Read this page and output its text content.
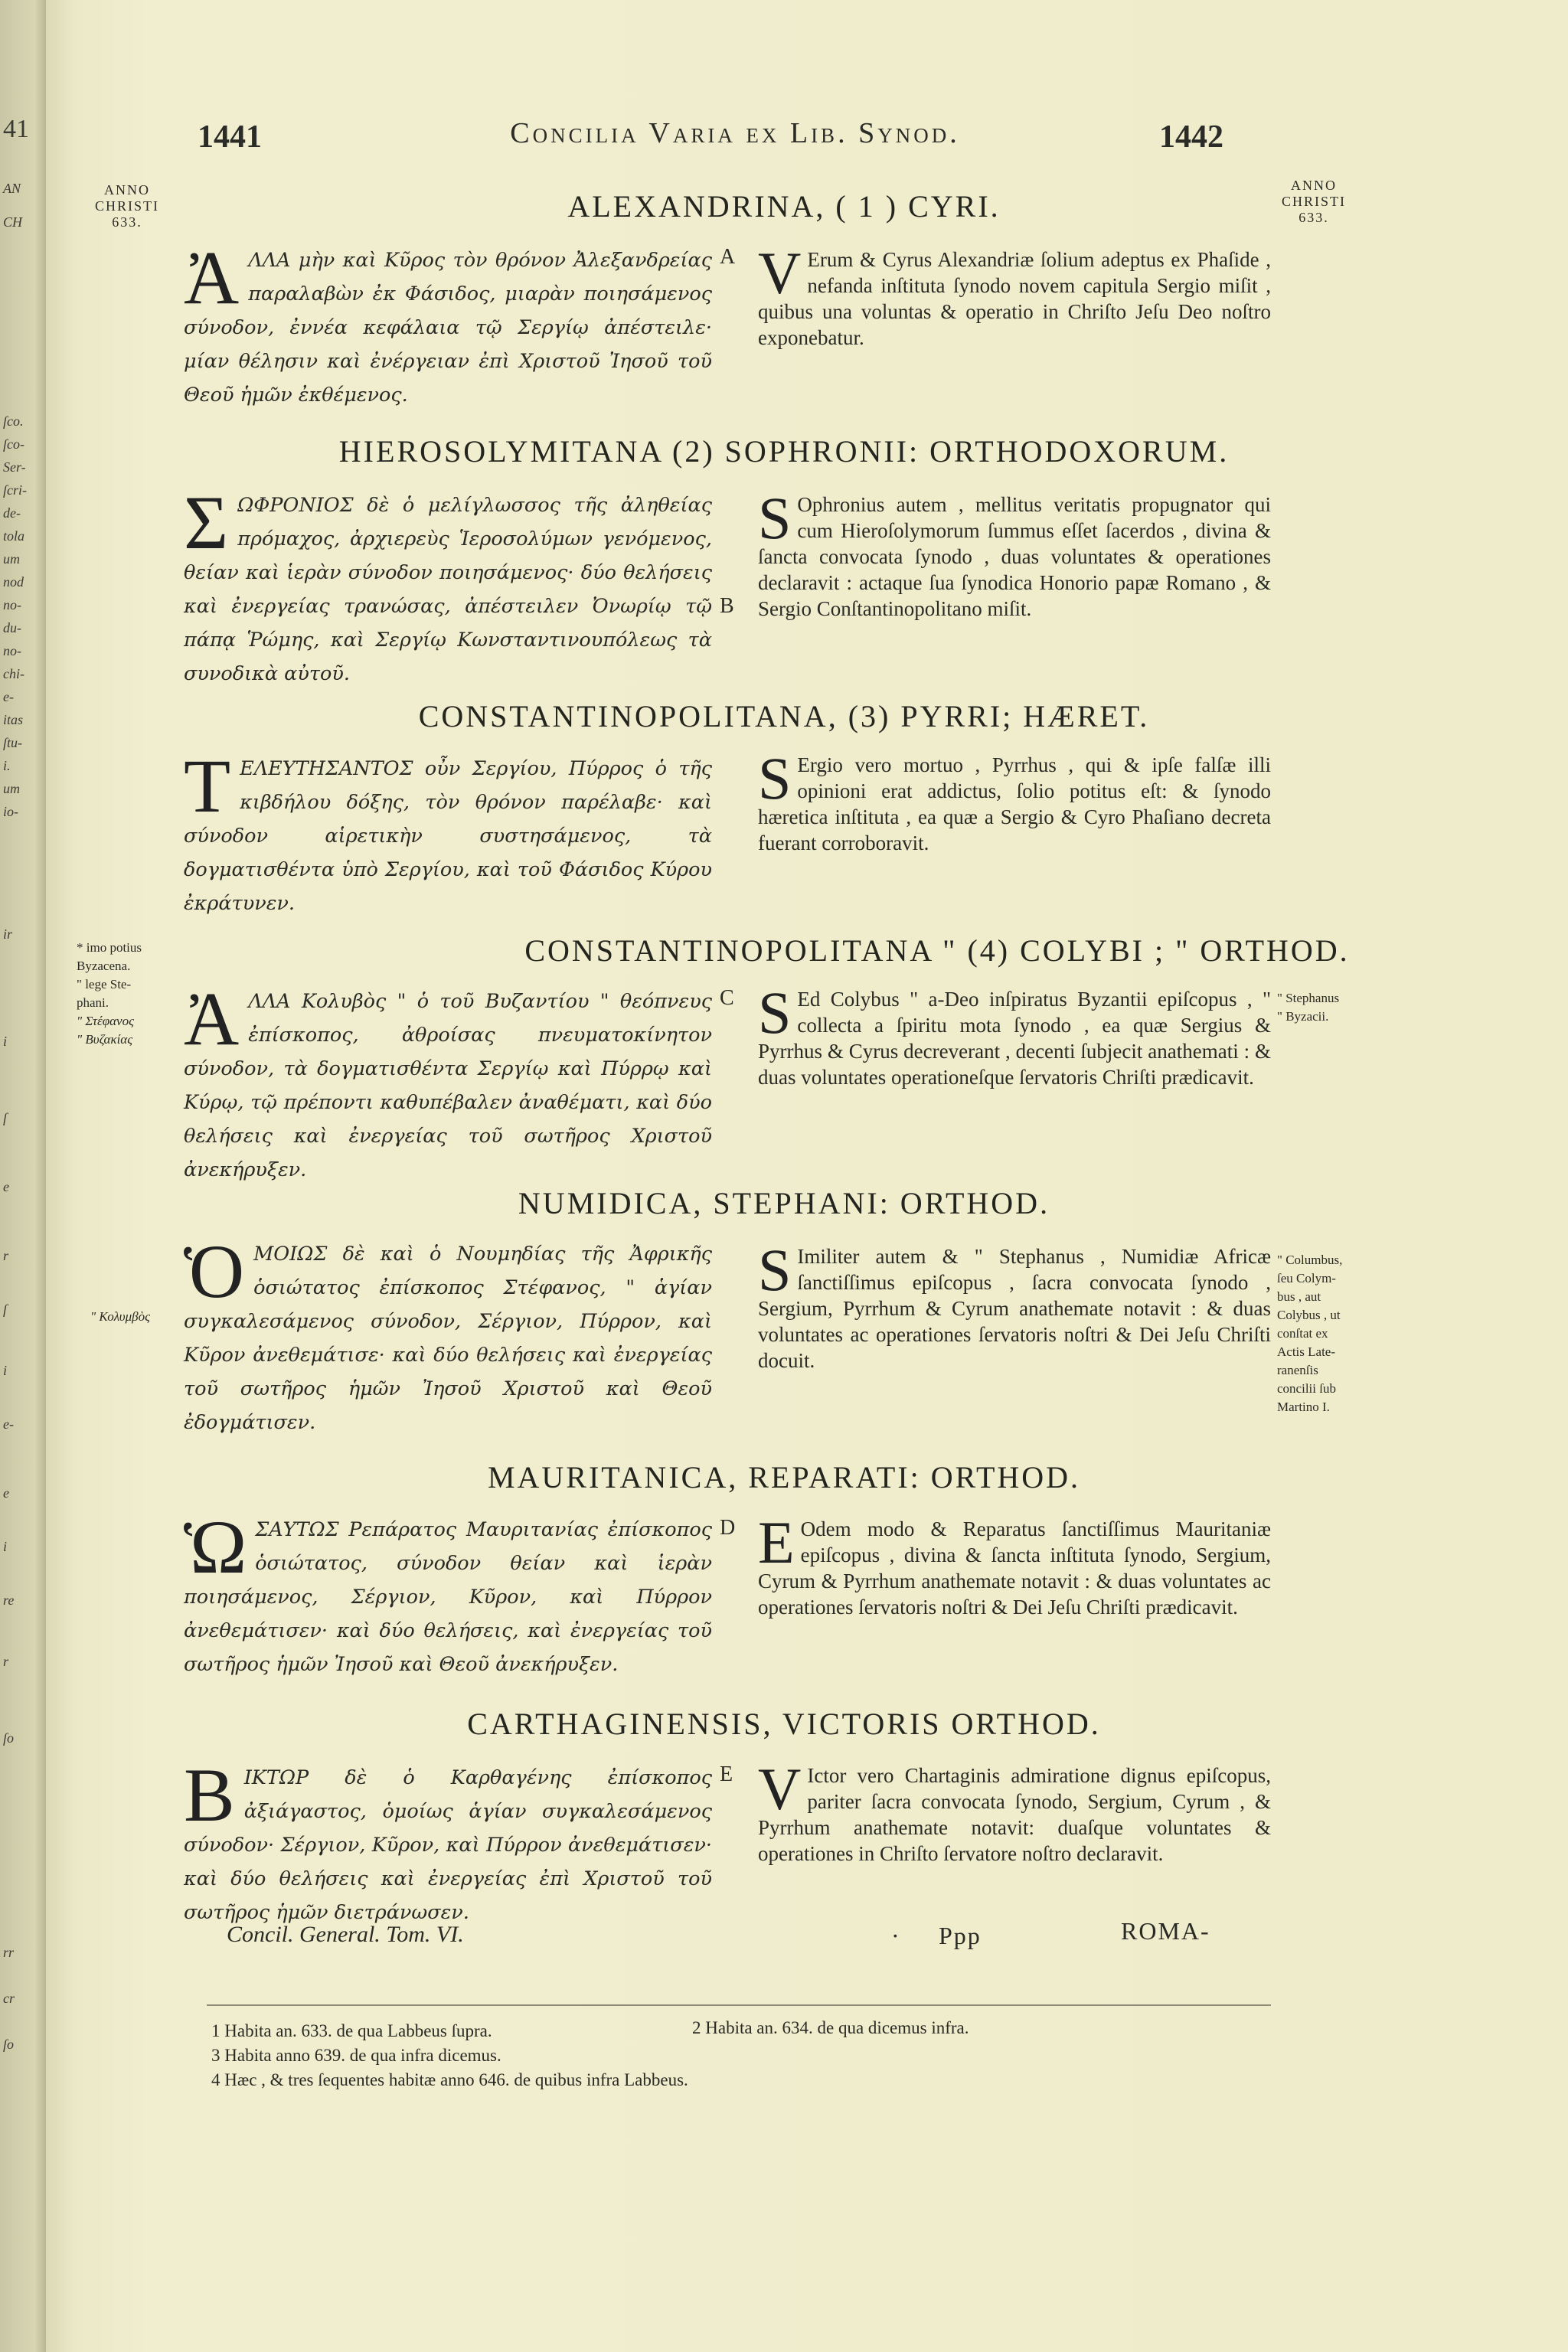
41
AN
CH
ſco.
ſco-
Ser-
ſcri-
de-
tola
um
nod
no-
du-
no-
chi-
e-
itas
ſtu-
i.
um
io-
ir
i
ſ
e
r
ſ
i
e-
e
i
re
r
ſo
rr
cr
ſo
1441	Concilia Varia ex Lib. Synod.	1442
ANNO
CHRISTI
633.
ANNO
CHRISTI
633.
ALEXANDRINA, ( 1 ) CYRI.
A
ἈΛΛΑ μὴν καὶ Κῦρος τὸν θρόνον Ἀλεξανδρείας παραλαβὼν ἐκ Φάσιδος, μιαρὰν ποιησάμενος σύνοδον, ἐννέα κεφάλαια τῷ Σεργίῳ ἀπέστειλε· μίαν θέλησιν καὶ ἐνέργειαν ἐπὶ Χριστοῦ Ἰησοῦ τοῦ Θεοῦ ἡμῶν ἐκθέμενος.
V Erum & Cyrus Alexandriæ ſolium adeptus ex Phaſide , nefanda inſtituta ſynodo novem capitula Sergio miſit , quibus una voluntas & operatio in Chriſto Jeſu Deo noſtro exponebatur.
HIEROSOLYMITANA (2) SOPHRONII: ORTHODOXORUM.
B
ΣΩΦΡΟΝΙΟΣ δὲ ὁ μελίγλωσσος τῆς ἀληθείας πρόμαχος, ἀρχιερεὺς Ἱεροσολύμων γενόμενος, θείαν καὶ ἱερὰν σύνοδον ποιησάμενος· δύο θελήσεις καὶ ἐνεργείας τρανώσας, ἀπέστειλεν Ὀνωρίῳ τῷ πάπᾳ Ῥώμης, καὶ Σεργίῳ Κωνσταντινουπόλεως τὰ συνοδικὰ αὐτοῦ.
S Ophronius autem , mellitus veritatis propugnator qui cum Hieroſolymorum ſummus eſſet ſacerdos , divina & ſancta convocata ſynodo , duas voluntates & operationes declaravit : actaque ſua ſynodica Honorio papæ Romano , & Sergio Conſtantinopolitano miſit.
CONSTANTINOPOLITANA, (3) PYRRI; HÆRET.
ΤΕΛΕΥΤΗΣΑΝΤΟΣ οὖν Σεργίου, Πύρρος ὁ τῆς κιβδήλου δόξης, τὸν θρόνον παρέλαβε· καὶ σύνοδον αἱρετικὴν συστησάμενος, τὰ δογματισθέντα ὑπὸ Σεργίου, καὶ τοῦ Φάσιδος Κύρου ἐκράτυνεν.
S Ergio vero mortuo , Pyrrhus , qui & ipſe falſæ illi opinioni erat addictus, ſolio potitus eſt: & ſynodo hæretica inſtituta , ea quæ a Sergio & Cyro Phaſiano decreta fuerant corroboravit.
CONSTANTINOPOLITANA " (4) COLYBI ; " ORTHOD.
C
ἈΛΛΑ Κολυβὸς " ὁ τοῦ Βυζαντίου " θεόπνευς ἐπίσκοπος, ἀθροίσας πνευματοκίνητον σύνοδον, τὰ δογματισθέντα Σεργίῳ καὶ Πύρρῳ καὶ Κύρῳ, τῷ πρέποντι καθυπέβαλεν ἀναθέματι, καὶ δύο θελήσεις καὶ ἐνεργείας τοῦ σωτῆρος Χριστοῦ ἀνεκήρυξεν.
S Ed Colybus " a-Deo inſpiratus Byzantii epiſcopus , " collecta a ſpiritu mota ſynodo , ea quæ Sergius & Pyrrhus & Cyrus decreverant , decenti ſubjecit anathemati : & duas voluntates operationeſque ſervatoris Chriſti prædicavit.
* imo potius
Byzacena.
" lege Ste-
phani.
" Στέφανος
" Βυζακίας
" Stephanus
" Byzacii.
NUMIDICA, STEPHANI: ORTHOD.
ὉΜΟΙΩΣ δὲ καὶ ὁ Νουμηδίας τῆς Ἀφρικῆς ὁσιώτατος ἐπίσκοπος Στέφανος, " ἁγίαν συγκαλεσάμενος σύνοδον, Σέργιον, Πύρρον, καὶ Κῦρον ἀνεθεμάτισε· καὶ δύο θελήσεις καὶ ἐνεργείας τοῦ σωτῆρος ἡμῶν Ἰησοῦ Χριστοῦ καὶ Θεοῦ ἐδογμάτισεν.
S Imiliter autem & " Stephanus , Numidiæ Africæ ſanctiſſimus epiſcopus , ſacra convocata ſynodo , Sergium, Pyrrhum & Cyrum anathemate notavit : & duas voluntates ac operationes ſervatoris noſtri & Dei Jeſu Chriſti docuit.
" Κολυμβὸς
" Columbus,
ſeu Colym-
bus , aut
Colybus , ut
conſtat ex
Actis Late-
ranenſis
concilii ſub
Martino I.
MAURITANICA, REPARATI: ORTHOD.
D
ὩΣΑΥΤΩΣ Ρεπάρατος Μαυριτανίας ἐπίσκοπος ὁσιώτατος, σύνοδον θείαν καὶ ἱερὰν ποιησάμενος, Σέργιον, Κῦρον, καὶ Πύρρον ἀνεθεμάτισεν· καὶ δύο θελήσεις, καὶ ἐνεργείας τοῦ σωτῆρος ἡμῶν Ἰησοῦ καὶ Θεοῦ ἀνεκήρυξεν.
E Odem modo & Reparatus ſanctiſſimus Mauritaniæ epiſcopus , divina & ſancta inſtituta ſynodo, Sergium, Cyrum & Pyrrhum anathemate notavit : & duas voluntates ac operationes ſervatoris noſtri & Dei Jeſu Chriſti prædicavit.
CARTHAGINENSIS, VICTORIS ORTHOD.
E
ΒΙΚΤΩΡ δὲ ὁ Καρθαγένης ἐπίσκοπος ἀξιάγαστος, ὁμοίως ἁγίαν συγκαλεσάμενος σύνοδον· Σέργιον, Κῦρον, καὶ Πύρρον ἀνεθεμάτισεν· καὶ δύο θελήσεις καὶ ἐνεργείας ἐπὶ Χριστοῦ τοῦ σωτῆρος ἡμῶν διετράνωσεν.
V Ictor vero Chartaginis admiratione dignus epiſcopus, pariter ſacra convocata ſynodo, Sergium, Cyrum , & Pyrrhum anathemate notavit: duaſque voluntates & operationes in Chriſto ſervatore noſtro declaravit.
Concil. General. Tom. VI.	· Ppp	ROMA-
1 Habita an. 633. de qua Labbeus ſupra.	2 Habita an. 634. de qua dicemus infra.
3 Habita anno 639. de qua infra dicemus.
4 Hæc , & tres ſequentes habitæ anno 646. de quibus infra Labbeus.
